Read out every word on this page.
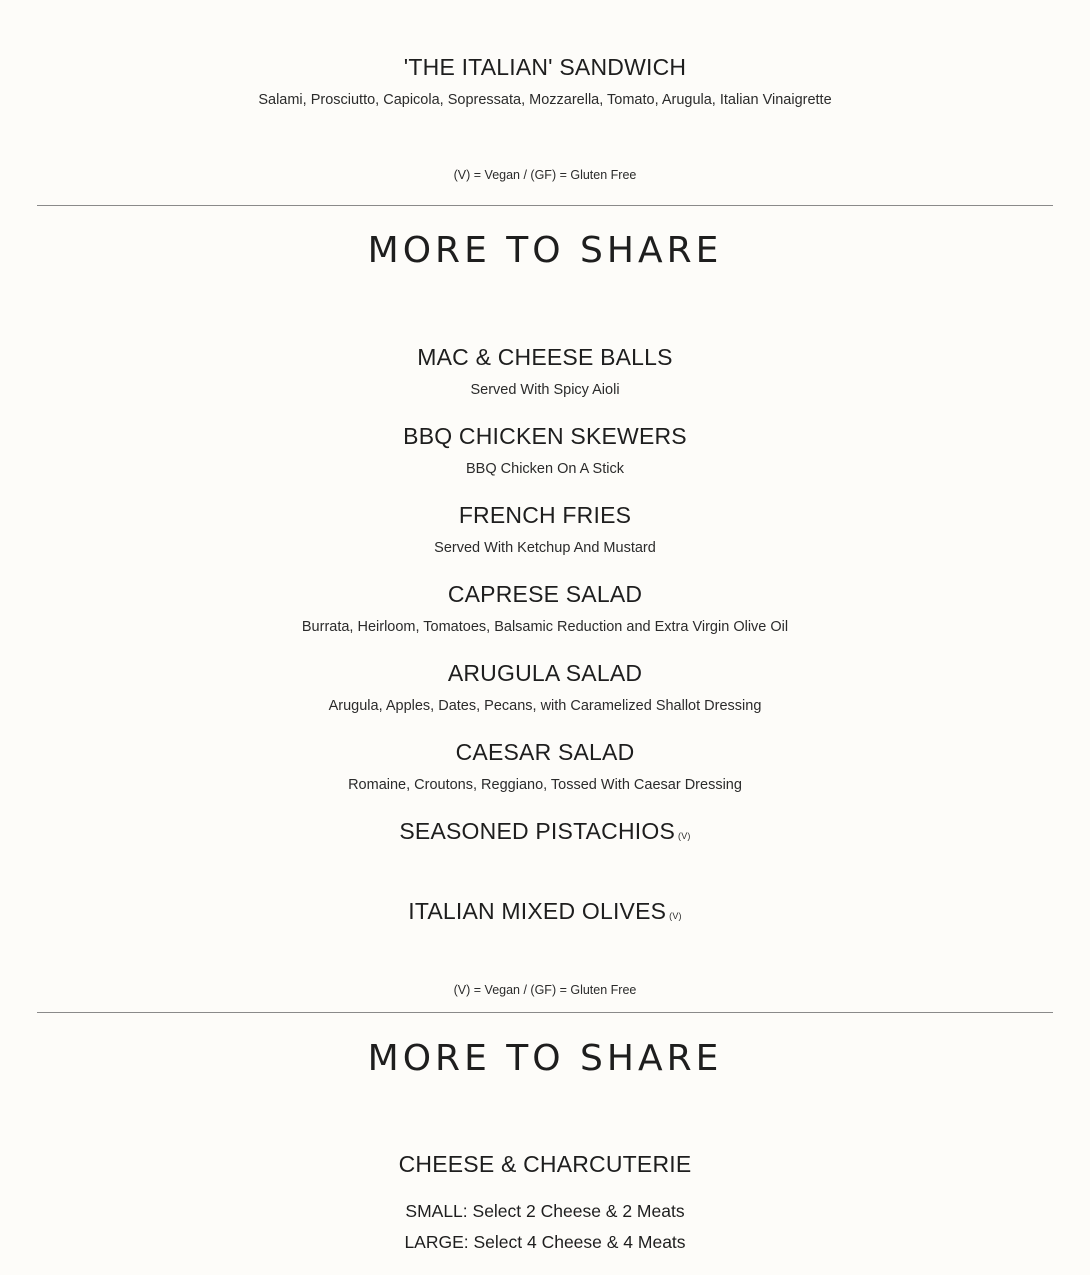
'THE ITALIAN' SANDWICH
Salami, Prosciutto, Capicola, Sopressata, Mozzarella, Tomato, Arugula, Italian Vinaigrette
(V) = Vegan / (GF) = Gluten Free
MORE TO SHARE
MAC & CHEESE BALLS
Served With Spicy Aioli
BBQ CHICKEN SKEWERS
BBQ Chicken On A Stick
FRENCH FRIES
Served With Ketchup And Mustard
CAPRESE SALAD
Burrata, Heirloom, Tomatoes, Balsamic Reduction and Extra Virgin Olive Oil
ARUGULA SALAD
Arugula, Apples, Dates, Pecans, with Caramelized Shallot Dressing
CAESAR SALAD
Romaine, Croutons, Reggiano, Tossed With Caesar Dressing
SEASONED PISTACHIOS (V)
ITALIAN MIXED OLIVES (V)
(V) = Vegan / (GF) = Gluten Free
MORE TO SHARE
CHEESE & CHARCUTERIE
SMALL: Select 2 Cheese & 2 Meats
LARGE: Select 4 Cheese & 4 Meats
